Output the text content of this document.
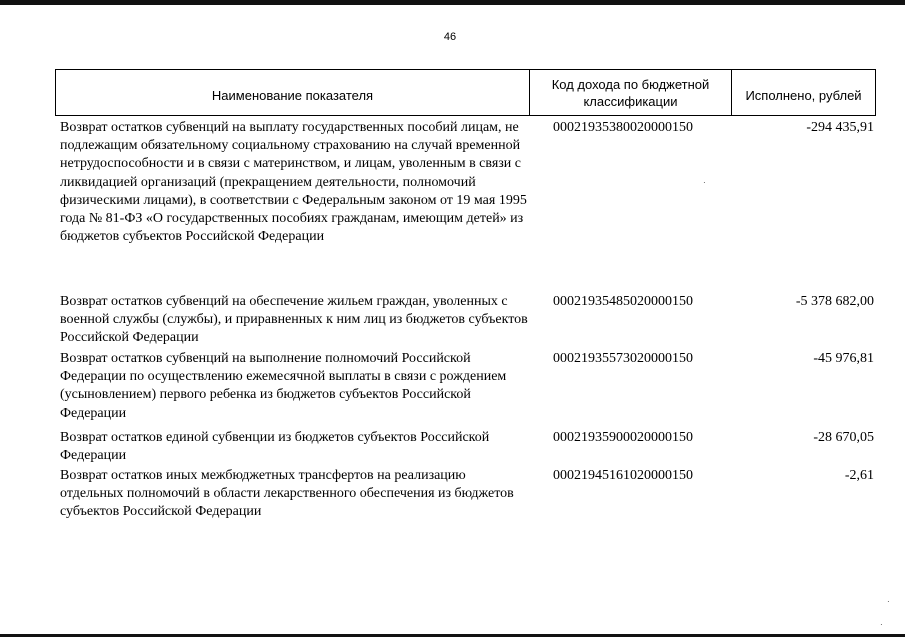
46
Наименование показателя
Код дохода по бюджетной классификации	Исполнено, рублей
Возврат остатков субвенций на выплату государственных пособий лицам, не подлежащим обязательному социальному страхованию на случай временной нетрудоспособности и в связи с материнством, и лицам, уволенным в связи с ликвидацией организаций (прекращением деятельности, полномочий физическими лицами), в соответствии с Федеральным законом от 19 мая 1995 года № 81-ФЗ «О государственных пособиях гражданам, имеющим детей» из бюджетов субъектов Российской Федерации
00021935380020000150	-294 435,91
Возврат остатков субвенций на обеспечение жильем граждан, уволенных с военной службы (службы), и приравненных к ним лиц из бюджетов субъектов Российской Федерации
00021935485020000150	-5 378 682,00
Возврат остатков субвенций на выполнение полномочий Российской Федерации по осуществлению ежемесячной выплаты в связи с рождением (усыновлением) первого ребенка из бюджетов субъектов Российской Федерации
00021935573020000150	-45 976,81
Возврат остатков единой субвенции из бюджетов субъектов Российской Федерации
00021935900020000150	-28 670,05
Возврат остатков иных межбюджетных трансфертов на реализацию отдельных полномочий в области лекарственного обеспечения из бюджетов субъектов Российской Федерации
00021945161020000150	-2,61
·
·
·
